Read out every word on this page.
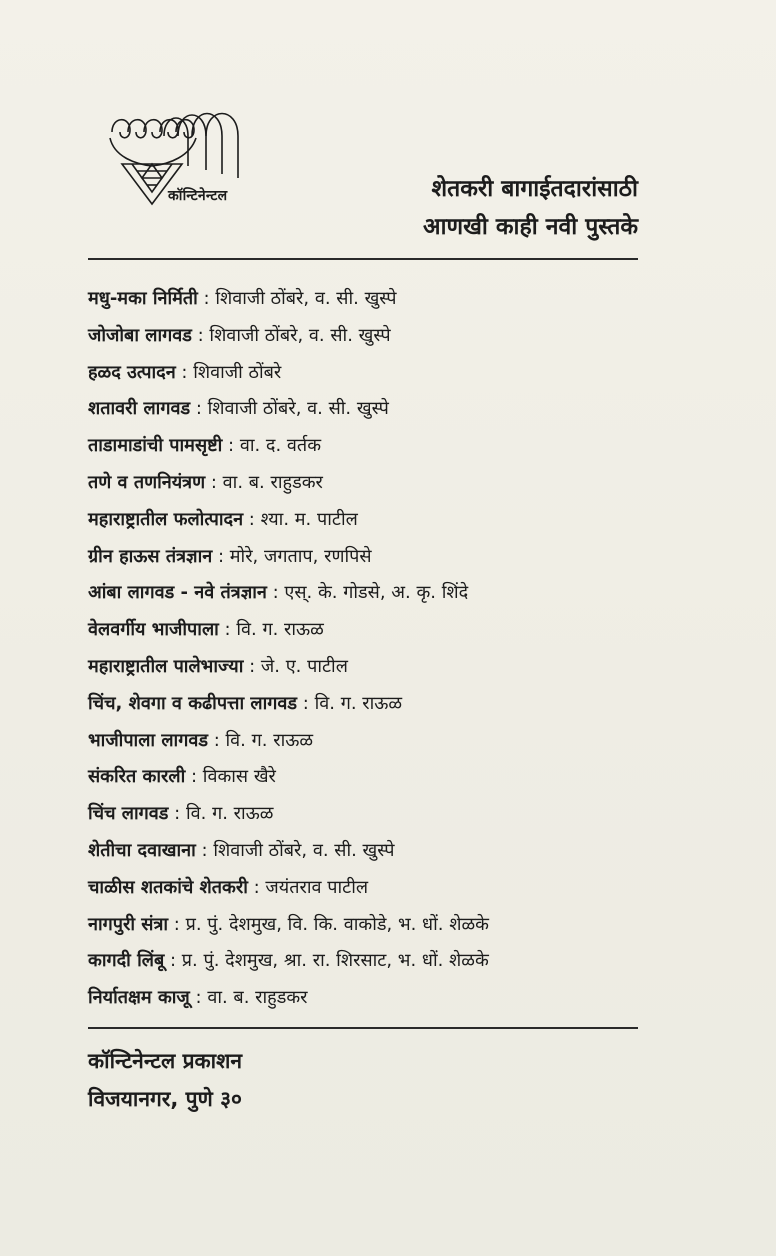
कॉन्टिनेन्टल	शेतकरी बागाईतदारांसाठी
आणखी काही नवी पुस्तके
मधु-मका निर्मिती : शिवाजी ठोंबरे, व. सी. खुस्पे
जोजोबा लागवड : शिवाजी ठोंबरे, व. सी. खुस्पे
हळद उत्पादन : शिवाजी ठोंबरे
शतावरी लागवड : शिवाजी ठोंबरे, व. सी. खुस्पे
ताडामाडांची पामसृष्टी : वा. द. वर्तक
तणे व तणनियंत्रण : वा. ब. राहुडकर
महाराष्ट्रातील फलोत्पादन : श्या. म. पाटील
ग्रीन हाऊस तंत्रज्ञान : मोरे, जगताप, रणपिसे
आंबा लागवड - नवे तंत्रज्ञान : एस्. के. गोडसे, अ. कृ. शिंदे
वेलवर्गीय भाजीपाला : वि. ग. राऊळ
महाराष्ट्रातील पालेभाज्या : जे. ए. पाटील
चिंच, शेवगा व कढीपत्ता लागवड : वि. ग. राऊळ
भाजीपाला लागवड : वि. ग. राऊळ
संकरित कारली : विकास खैरे
चिंच लागवड : वि. ग. राऊळ
शेतीचा दवाखाना : शिवाजी ठोंबरे, व. सी. खुस्पे
चाळीस शतकांचे शेतकरी : जयंतराव पाटील
नागपुरी संत्रा : प्र. पुं. देशमुख, वि. कि. वाकोडे, भ. धों. शेळके
कागदी लिंबू : प्र. पुं. देशमुख, श्रा. रा. शिरसाट, भ. धों. शेळके
निर्यातक्षम काजू : वा. ब. राहुडकर
कॉन्टिनेन्टल प्रकाशन
विजयानगर, पुणे ३०
